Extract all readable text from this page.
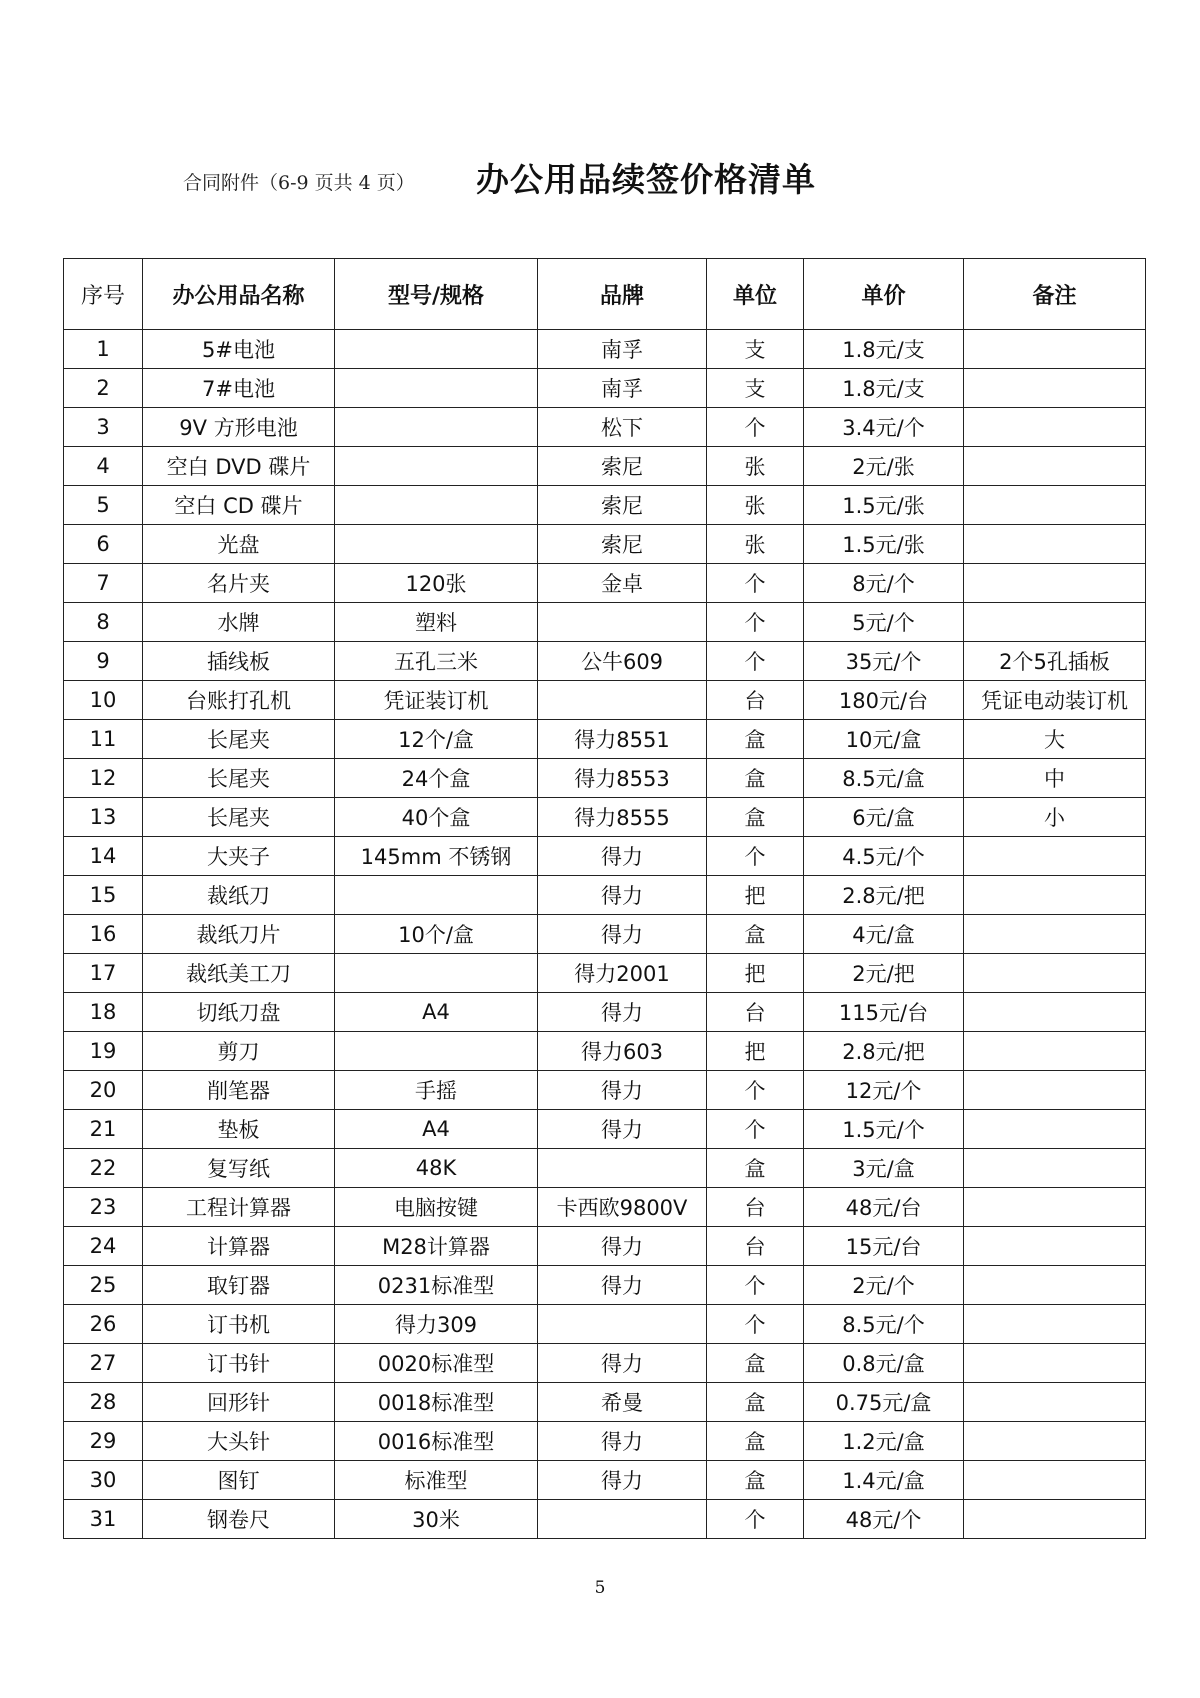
合同附件（6-9 页共 4 页） 办公用品续签价格清单
序号	办公用品名称	型号/规格	品牌	单位	单价	备注
1	5#电池		南孚	支	1.8元/支	
2	7#电池		南孚	支	1.8元/支	
3	9V 方形电池		松下	个	3.4元/个	
4	空白 DVD 碟片		索尼	张	2元/张	
5	空白 CD 碟片		索尼	张	1.5元/张	
6	光盘		索尼	张	1.5元/张	
7	名片夹	120张	金卓	个	8元/个	
8	水牌	塑料		个	5元/个	
9	插线板	五孔三米	公牛609	个	35元/个	2个5孔插板
10	台账打孔机	凭证装订机		台	180元/台	凭证电动装订机
11	长尾夹	12个/盒	得力8551	盒	10元/盒	大
12	长尾夹	24个盒	得力8553	盒	8.5元/盒	中
13	长尾夹	40个盒	得力8555	盒	6元/盒	小
14	大夹子	145mm 不锈钢	得力	个	4.5元/个	
15	裁纸刀		得力	把	2.8元/把	
16	裁纸刀片	10个/盒	得力	盒	4元/盒	
17	裁纸美工刀		得力2001	把	2元/把	
18	切纸刀盘	A4	得力	台	115元/台	
19	剪刀		得力603	把	2.8元/把	
20	削笔器	手摇	得力	个	12元/个	
21	垫板	A4	得力	个	1.5元/个	
22	复写纸	48K		盒	3元/盒	
23	工程计算器	电脑按键	卡西欧9800V	台	48元/台	
24	计算器	M28计算器	得力	台	15元/台	
25	取钉器	0231标准型	得力	个	2元/个	
26	订书机	得力309		个	8.5元/个	
27	订书针	0020标准型	得力	盒	0.8元/盒	
28	回形针	0018标准型	希曼	盒	0.75元/盒	
29	大头针	0016标准型	得力	盒	1.2元/盒	
30	图钉	标准型	得力	盒	1.4元/盒	
31	钢卷尺	30米		个	48元/个	
5
